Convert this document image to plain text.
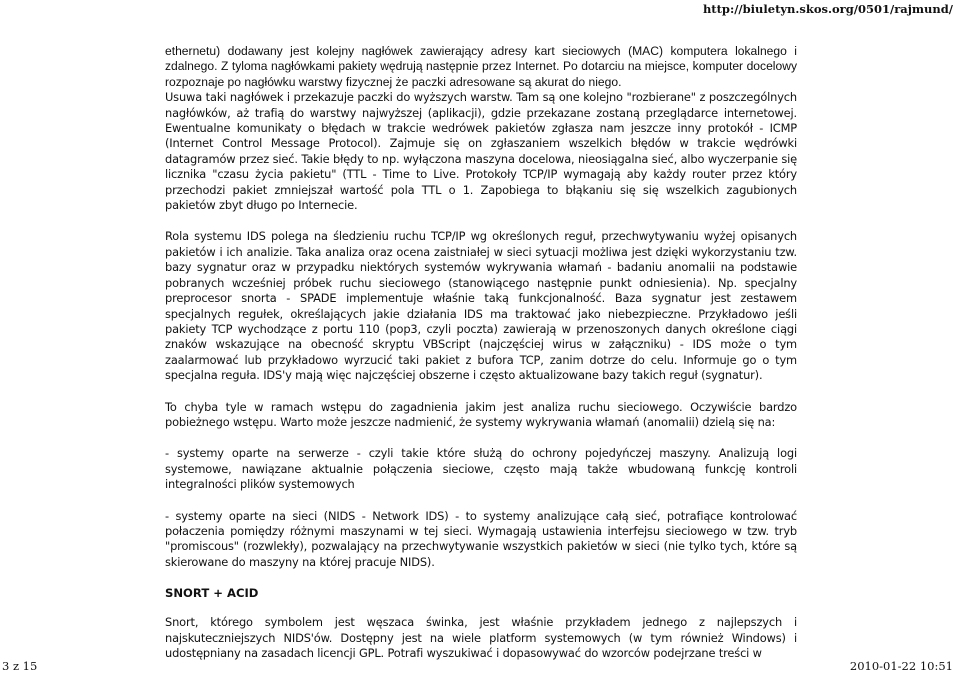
http://biuletyn.skos.org/0501/rajmund/

ethernetu) dodawany jest kolejny nagłówek zawierający adresy kart sieciowych (MAC) komputera lokalnego i zdalnego. Z tyloma nagłówkami pakiety wędrują następnie przez Internet. Po dotarciu na miejsce, komputer docelowy rozpoznaje po nagłówku warstwy fizycznej że paczki adresowane są akurat do niego.

Usuwa taki nagłówek i przekazuje paczki do wyższych warstw. Tam są one kolejno "rozbierane" z poszczególnych nagłówków, aż trafią do warstwy najwyższej (aplikacji), gdzie przekazane zostaną przeglądarce internetowej. Ewentualne komunikaty o błędach w trakcie wedrówek pakietów zgłasza nam jeszcze inny protokół - ICMP (Internet Control Message Protocol). Zajmuje się on zgłaszaniem wszelkich błędów w trakcie wędrówki datagramów przez sieć. Takie błędy to np. wyłączona maszyna docelowa, nieosiągalna sieć, albo wyczerpanie się licznika "czasu życia pakietu" (TTL - Time to Live. Protokoły TCP/IP wymagają aby każdy router przez który przechodzi pakiet zmniejszał wartość pola TTL o 1. Zapobiega to błąkaniu się się wszelkich zagubionych pakietów zbyt długo po Internecie.

Rola systemu IDS polega na śledzieniu ruchu TCP/IP wg określonych reguł, przechwytywaniu wyżej opisanych pakietów i ich analizie. Taka analiza oraz ocena zaistniałej w sieci sytuacji możliwa jest dzięki wykorzystaniu tzw. bazy sygnatur oraz w przypadku niektórych systemów wykrywania włamań - badaniu anomalii na podstawie pobranych wcześniej próbek ruchu sieciowego (stanowiącego następnie punkt odniesienia). Np. specjalny preprocesor snorta - SPADE implementuje właśnie taką funkcjonalność. Baza sygnatur jest zestawem specjalnych regułek, określających jakie działania IDS ma traktować jako niebezpieczne. Przykładowo jeśli pakiety TCP wychodzące z portu 110 (pop3, czyli poczta) zawierają w przenoszonych danych określone ciągi znaków wskazujące na obecność skryptu VBScript (najczęściej wirus w załączniku) - IDS może o tym zaalarmować lub przykładowo wyrzucić taki pakiet z bufora TCP, zanim dotrze do celu. Informuje go o tym specjalna reguła. IDS'y mają więc najczęściej obszerne i często aktualizowane bazy takich reguł (sygnatur).

To chyba tyle w ramach wstępu do zagadnienia jakim jest analiza ruchu sieciowego. Oczywiście bardzo pobieżnego wstępu. Warto może jeszcze nadmienić, że systemy wykrywania włamań (anomalii) dzielą się na:

- systemy oparte na serwerze - czyli takie które służą do ochrony pojedyńczej maszyny. Analizują logi systemowe, nawiązane aktualnie połączenia sieciowe, często mają także wbudowaną funkcję kontroli integralności plików systemowych

- systemy oparte na sieci (NIDS - Network IDS) - to systemy analizujące całą sieć, potrafiące kontrolować połaczenia pomiędzy różnymi maszynami w tej sieci. Wymagają ustawienia interfejsu sieciowego w tzw. tryb "promiscous" (rozwlekły), pozwalający na przechwytywanie wszystkich pakietów w sieci (nie tylko tych, które są skierowane do maszyny na której pracuje NIDS).

SNORT + ACID

Snort, którego symbolem jest węszaca świnka, jest właśnie przykładem jednego z najlepszych i najskuteczniejszych NIDS'ów. Dostępny jest na wiele platform systemowych (w tym również Windows) i udostępniany na zasadach licencji GPL. Potrafi wyszukiwać i dopasowywać do wzorców podejrzane treści w

3 z 15	2010-01-22 10:51
